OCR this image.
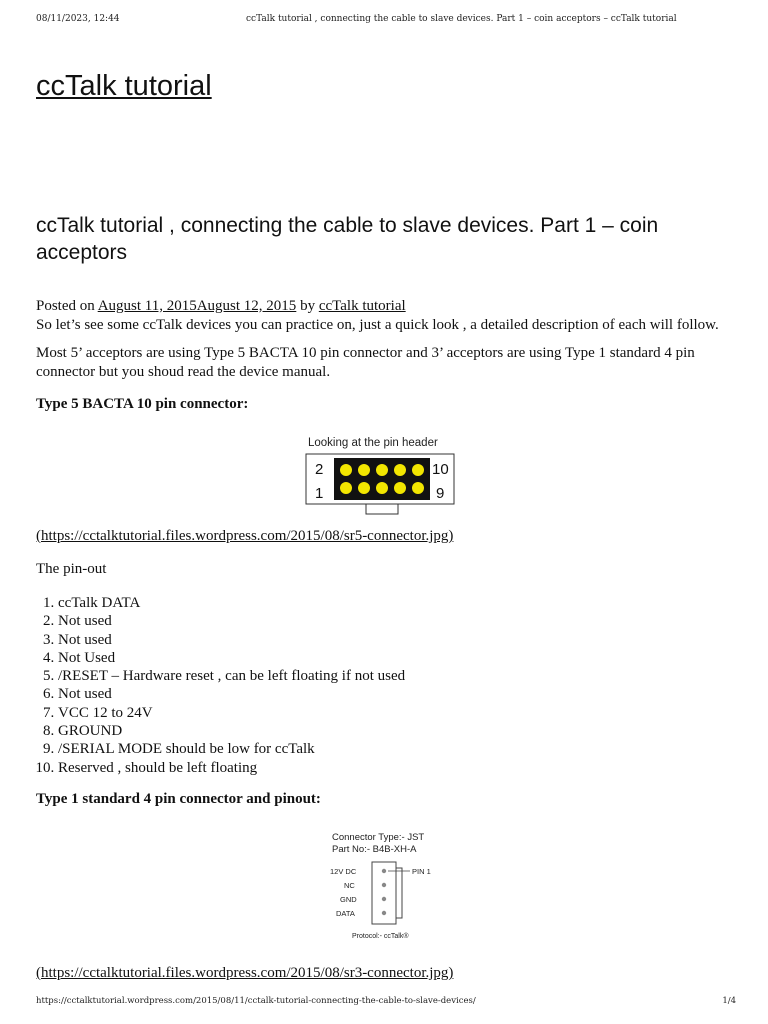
08/11/2023, 12:44	ccTalk tutorial , connecting the cable to slave devices. Part 1 – coin acceptors – ccTalk tutorial
ccTalk tutorial
ccTalk tutorial , connecting the cable to slave devices. Part 1 – coin acceptors

Posted on August 11, 2015August 12, 2015 by ccTalk tutorial

So let’s see some ccTalk devices you can practice on, just a quick look , a detailed description of each will follow.

Most 5’ acceptors are using Type 5 BACTA 10 pin connector and 3’ acceptors are using Type 1 standard 4 pin connector but you shoud read the device manual.

Type 5 BACTA 10 pin connector:

Looking at the pin header
2
1
10
9
(https://cctalktutorial.files.wordpress.com/2015/08/sr5-connector.jpg)
The pin-out
1. ccTalk DATA
2. Not used
3. Not used
4. Not Used
5. /RESET – Hardware reset , can be left floating if not used
6. Not used
7. VCC 12 to 24V
8. GROUND
9. /SERIAL MODE should be low for ccTalk
10. Reserved , should be left floating
Type 1 standard 4 pin connector and pinout:
Connector Type:- JST
Part No:- B4B-XH-A
12V DC
NC
GND
DATA
PIN 1
Protocol:- ccTalk®
(https://cctalktutorial.files.wordpress.com/2015/08/sr3-connector.jpg)
https://cctalktutorial.wordpress.com/2015/08/11/cctalk-tutorial-connecting-the-cable-to-slave-devices/	1/4
